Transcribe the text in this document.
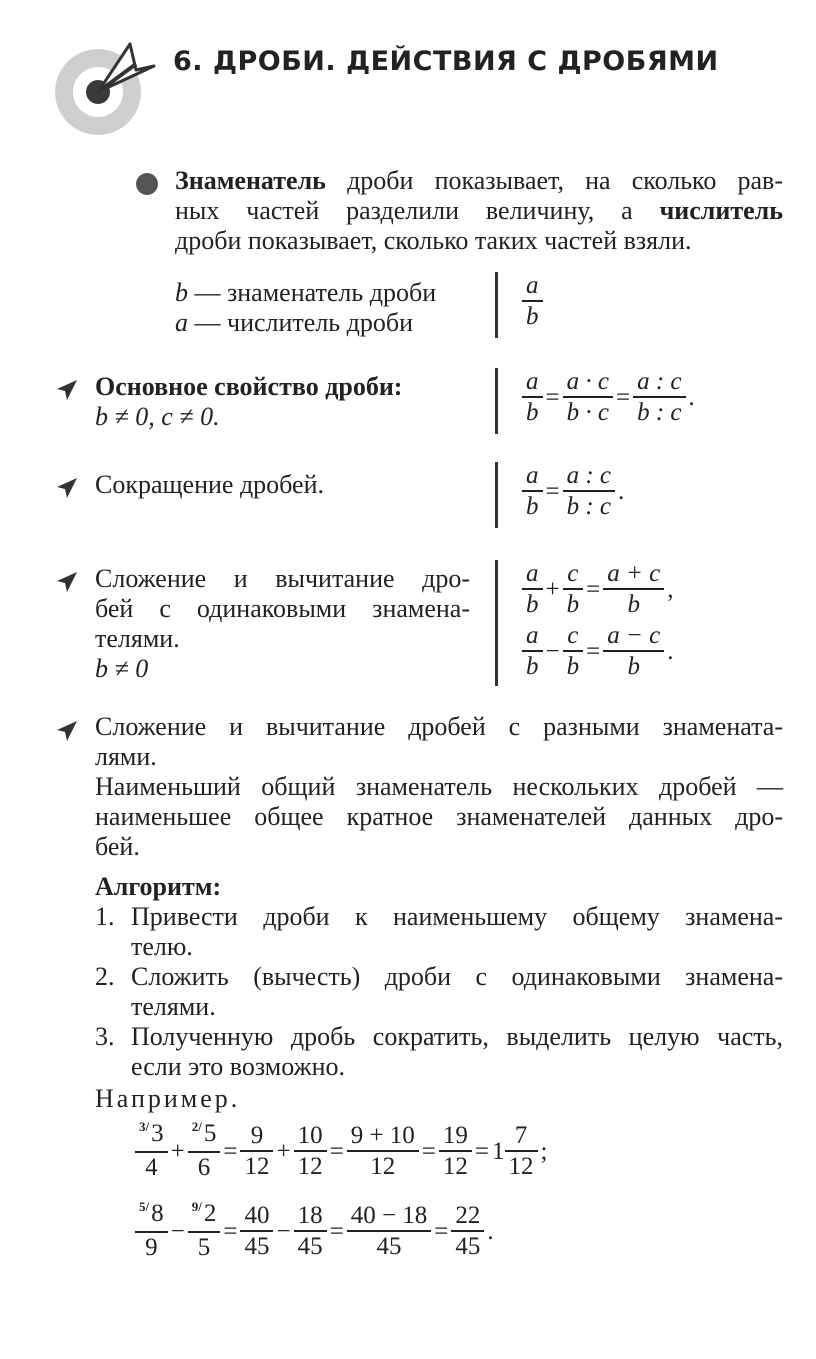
6. ДРОБИ. ДЕЙСТВИЯ С ДРОБЯМИ
Знаменатель дроби показывает, на сколько рав-
ных частей разделили величину, а числитель
дроби показывает, сколько таких частей взяли.
b — знаменатель дроби
a — числитель дроби	$\frac{a}{b}$
Основное свойство дроби:
b ≠ 0, c ≠ 0.	$\frac{a}{b} = \frac{a \cdot c}{b \cdot c} = \frac{a : c}{b : c}$ .
Сокращение дробей.	$\frac{a}{b} = \frac{a : c}{b : c}$ .
Сложение и вычитание дро-
бей с одинаковыми знамена-
телями.
b ≠ 0
$\frac{a}{b} + \frac{c}{b} = \frac{a + c}{b}$ ,
$\frac{a}{b} - \frac{c}{b} = \frac{a - c}{b}$ .
Сложение и вычитание дробей с разными знамената-
лями.
Наименьший общий знаменатель нескольких дробей —
наименьшее общее кратное знаменателей данных дро-
бей.
Алгоритм:
1. Привести дроби к наименьшему общему знамена-
телю.
2. Сложить (вычесть) дроби с одинаковыми знамена-
телями.
3. Полученную дробь сократить, выделить целую часть,
если это возможно.
Например.
$\frac{^{3/}3}{4} + \frac{^{2/}5}{6} = \frac{9}{12} + \frac{10}{12} = \frac{9 + 10}{12} = \frac{19}{12} = 1 \frac{7}{12}$ ;
$\frac{^{5/}8}{9} - \frac{^{9/}2}{5} = \frac{40}{45} - \frac{18}{45} = \frac{40 - 18}{45} = \frac{22}{45}$ .
